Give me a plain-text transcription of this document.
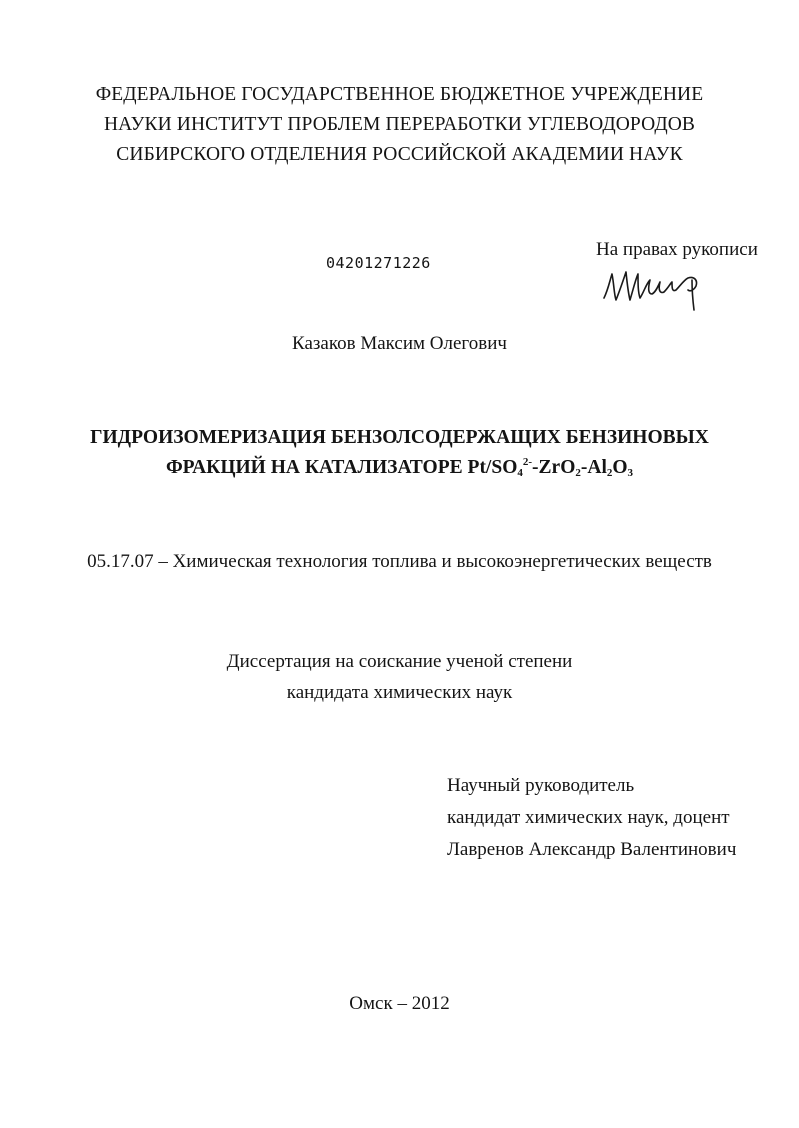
ФЕДЕРАЛЬНОЕ ГОСУДАРСТВЕННОЕ БЮДЖЕТНОЕ УЧРЕЖДЕНИЕ
НАУКИ ИНСТИТУТ ПРОБЛЕМ ПЕРЕРАБОТКИ УГЛЕВОДОРОДОВ
СИБИРСКОГО ОТДЕЛЕНИЯ РОССИЙСКОЙ АКАДЕМИИ НАУК
04201271226
На правах рукописи
Казаков Максим Олегович
ГИДРОИЗОМЕРИЗАЦИЯ БЕНЗОЛСОДЕРЖАЩИХ БЕНЗИНОВЫХ
ФРАКЦИЙ НА КАТАЛИЗАТОРЕ $Pt/SO_4^{2-}-ZrO_2-Al_2O_3$
05.17.07 – Химическая технология топлива и высокоэнергетических веществ
Диссертация на соискание ученой степени
кандидата химических наук
Научный руководитель
кандидат химических наук, доцент
Лавренов Александр Валентинович
Омск – 2012
